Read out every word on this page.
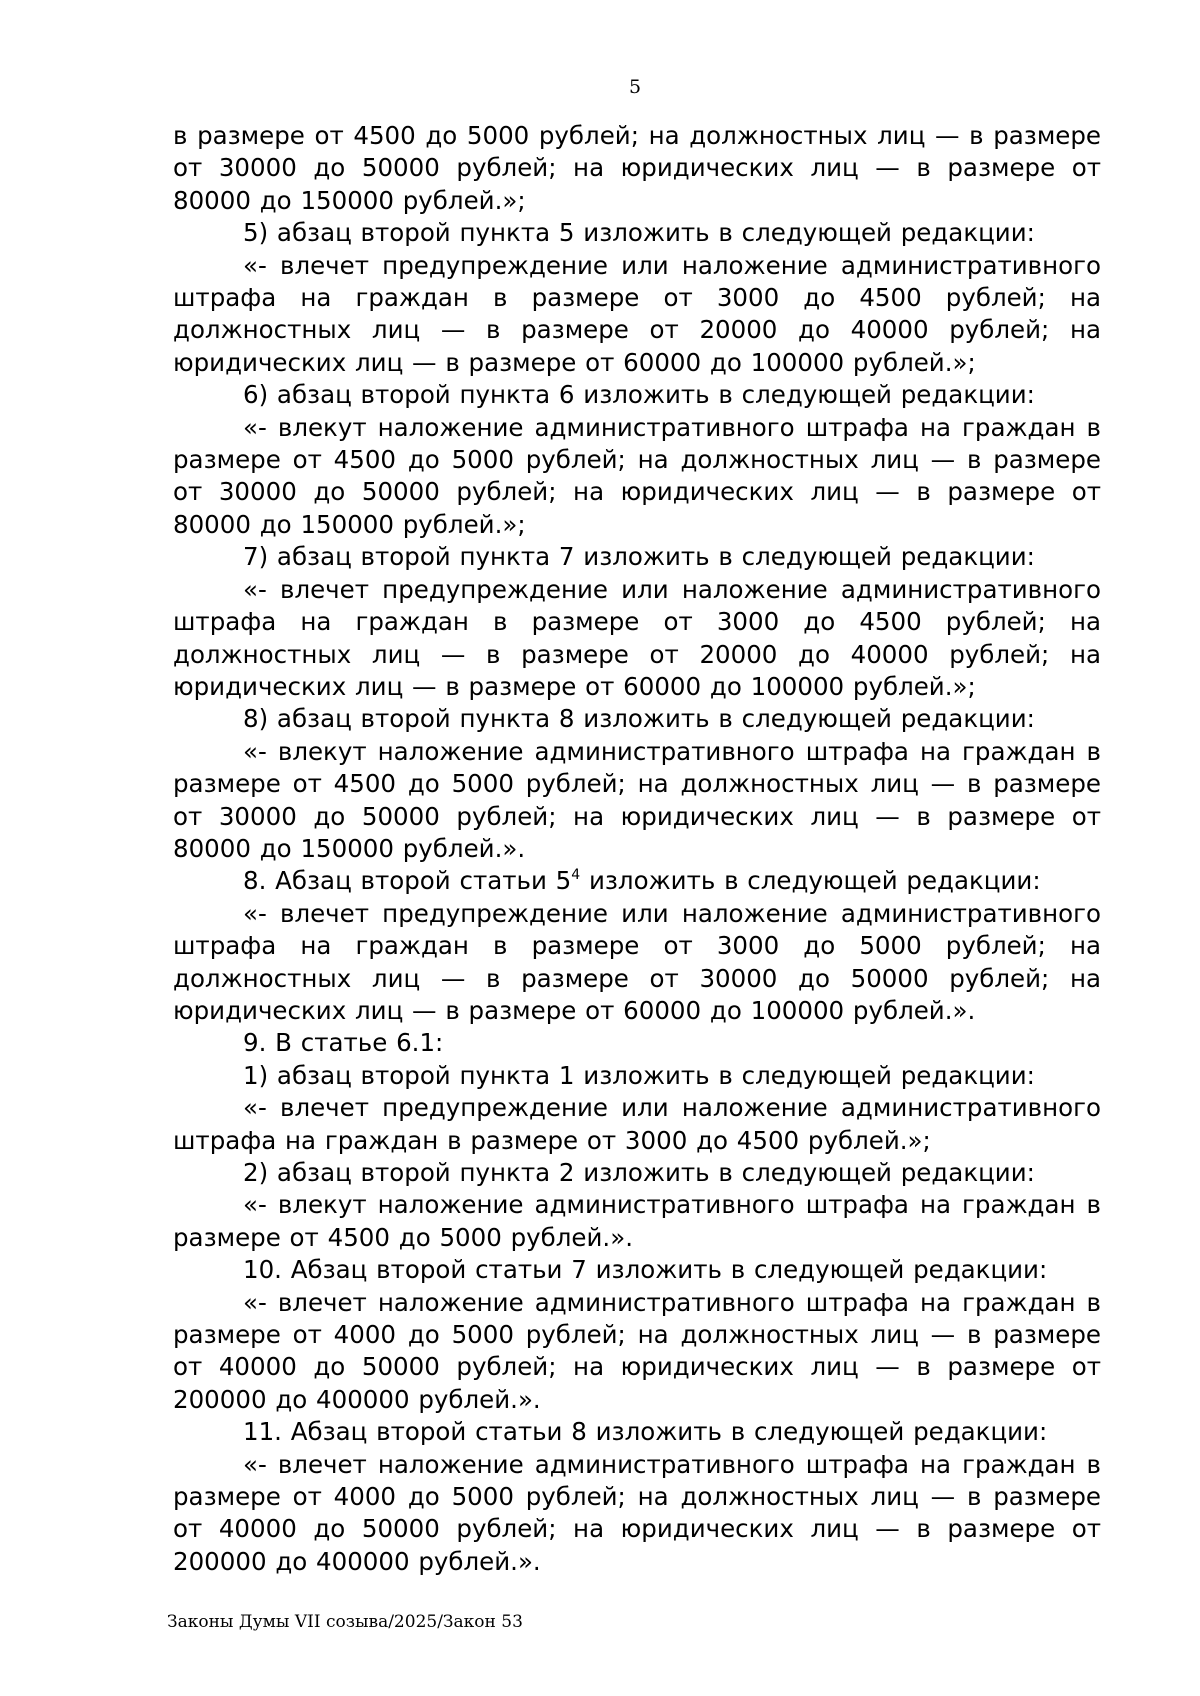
5

в размере от 4500 до 5000 рублей; на должностных лиц — в размере от 30000 до 50000 рублей; на юридических лиц — в размере от 80000 до 150000 рублей.»;

5) абзац второй пункта 5 изложить в следующей редакции:

«- влечет предупреждение или наложение административного штрафа на граждан в размере от 3000 до 4500 рублей; на должностных лиц — в размере от 20000 до 40000 рублей; на юридических лиц — в размере от 60000 до 100000 рублей.»;

6) абзац второй пункта 6 изложить в следующей редакции:

«- влекут наложение административного штрафа на граждан в размере от 4500 до 5000 рублей; на должностных лиц — в размере от 30000 до 50000 рублей; на юридических лиц — в размере от 80000 до 150000 рублей.»;

7) абзац второй пункта 7 изложить в следующей редакции:

«- влечет предупреждение или наложение административного штрафа на граждан в размере от 3000 до 4500 рублей; на должностных лиц — в размере от 20000 до 40000 рублей; на юридических лиц — в размере от 60000 до 100000 рублей.»;

8) абзац второй пункта 8 изложить в следующей редакции:

«- влекут наложение административного штрафа на граждан в размере от 4500 до 5000 рублей; на должностных лиц — в размере от 30000 до 50000 рублей; на юридических лиц — в размере от 80000 до 150000 рублей.».

8. Абзац второй статьи $5^4$ изложить в следующей редакции:

«- влечет предупреждение или наложение административного штрафа на граждан в размере от 3000 до 5000 рублей; на должностных лиц — в размере от 30000 до 50000 рублей; на юридических лиц — в размере от 60000 до 100000 рублей.».

9. В статье 6.1:

1) абзац второй пункта 1 изложить в следующей редакции:

«- влечет предупреждение или наложение административного штрафа на граждан в размере от 3000 до 4500 рублей.»;

2) абзац второй пункта 2 изложить в следующей редакции:

«- влекут наложение административного штрафа на граждан в размере от 4500 до 5000 рублей.».

10. Абзац второй статьи 7 изложить в следующей редакции:

«- влечет наложение административного штрафа на граждан в размере от 4000 до 5000 рублей; на должностных лиц — в размере от 40000 до 50000 рублей; на юридических лиц — в размере от 200000 до 400000 рублей.».

11. Абзац второй статьи 8 изложить в следующей редакции:

«- влечет наложение административного штрафа на граждан в размере от 4000 до 5000 рублей; на должностных лиц — в размере от 40000 до 50000 рублей; на юридических лиц — в размере от 200000 до 400000 рублей.».

Законы Думы VII созыва/2025/Закон 53
